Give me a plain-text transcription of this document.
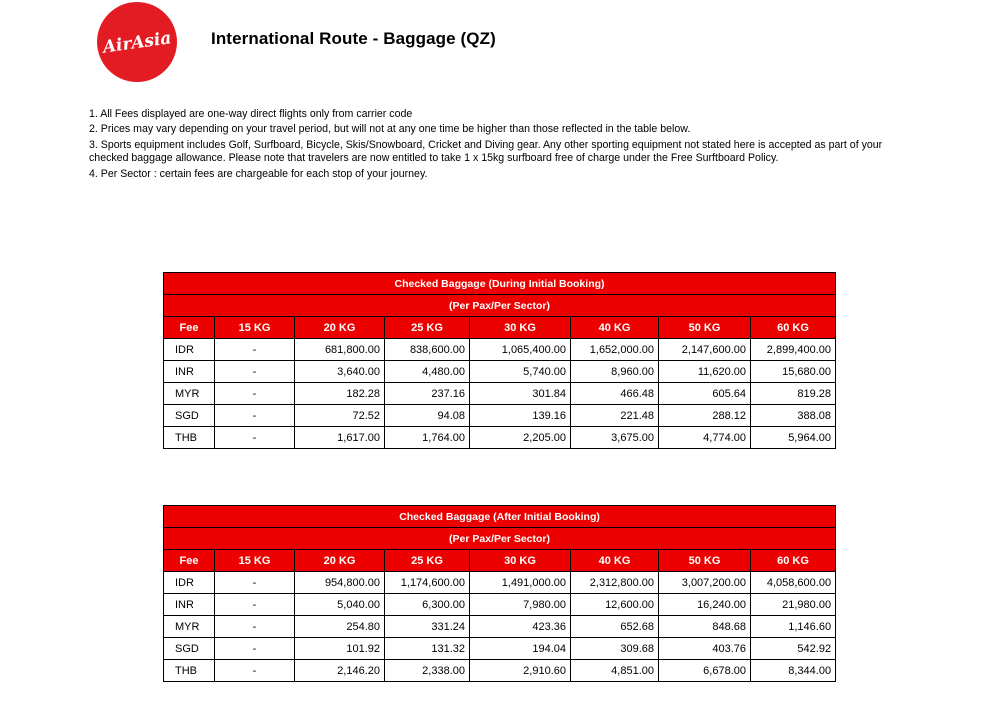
AirAsia International Route - Baggage (QZ)

1. All Fees displayed are one-way direct flights only from carrier code

2. Prices may vary depending on your travel period, but will not at any one time be higher than those reflected in the table below.

3. Sports equipment includes Golf, Surfboard, Bicycle, Skis/Snowboard, Cricket and Diving gear. Any other sporting equipment not stated here is accepted as part of your checked baggage allowance. Please note that travelers are now entitled to take 1 x 15kg surfboard free of charge under the Free Surftboard Policy.

4. Per Sector : certain fees are chargeable for each stop of your journey.

Checked Baggage (During Initial Booking)							
(Per Pax/Per Sector)							
Fee	15 KG	20 KG	25 KG	30 KG	40 KG	50 KG	60 KG
IDR	-	681,800.00	838,600.00	1,065,400.00	1,652,000.00	2,147,600.00	2,899,400.00
INR	-	3,640.00	4,480.00	5,740.00	8,960.00	11,620.00	15,680.00
MYR	-	182.28	237.16	301.84	466.48	605.64	819.28
SGD	-	72.52	94.08	139.16	221.48	288.12	388.08
THB	-	1,617.00	1,764.00	2,205.00	3,675.00	4,774.00	5,964.00
Checked Baggage (After Initial Booking)							
(Per Pax/Per Sector)							
Fee	15 KG	20 KG	25 KG	30 KG	40 KG	50 KG	60 KG
IDR	-	954,800.00	1,174,600.00	1,491,000.00	2,312,800.00	3,007,200.00	4,058,600.00
INR	-	5,040.00	6,300.00	7,980.00	12,600.00	16,240.00	21,980.00
MYR	-	254.80	331.24	423.36	652.68	848.68	1,146.60
SGD	-	101.92	131.32	194.04	309.68	403.76	542.92
THB	-	2,146.20	2,338.00	2,910.60	4,851.00	6,678.00	8,344.00
